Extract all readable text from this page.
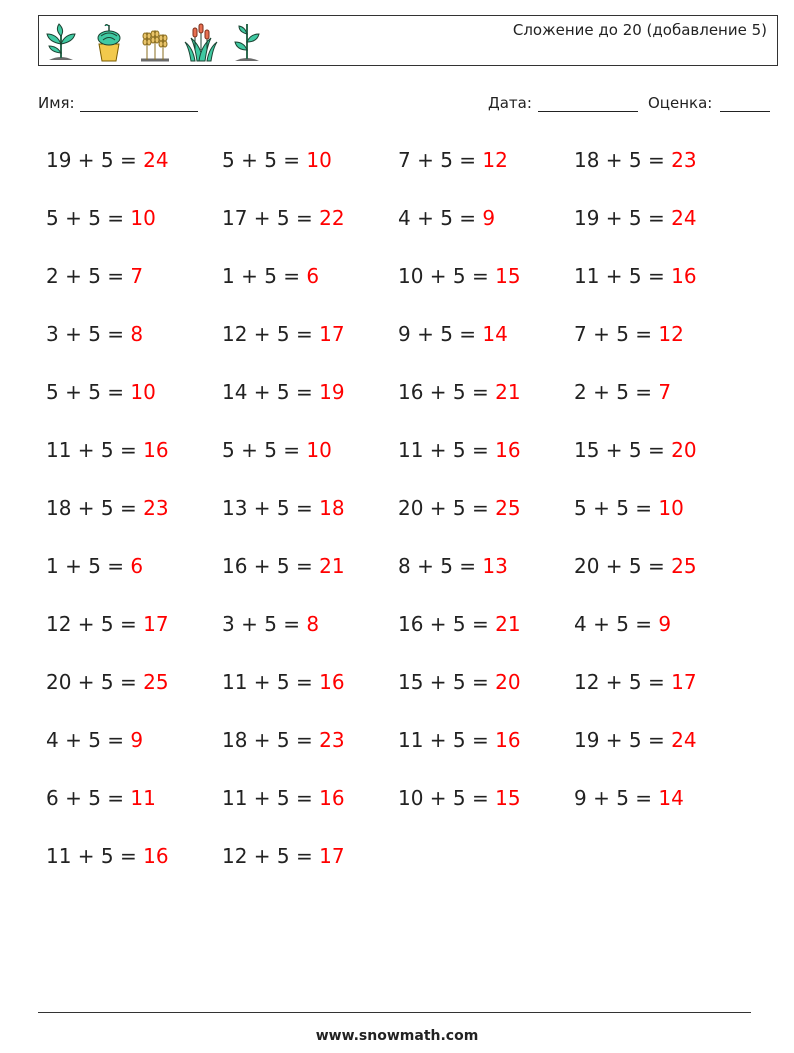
Сложение до 20 (добавление 5)
Имя:	Дата:	Оценка:
19 + 5 = 24	5 + 5 = 10	7 + 5 = 12	18 + 5 = 23
5 + 5 = 10	17 + 5 = 22	4 + 5 = 9	19 + 5 = 24
2 + 5 = 7	1 + 5 = 6	10 + 5 = 15	11 + 5 = 16
3 + 5 = 8	12 + 5 = 17	9 + 5 = 14	7 + 5 = 12
5 + 5 = 10	14 + 5 = 19	16 + 5 = 21	2 + 5 = 7
11 + 5 = 16	5 + 5 = 10	11 + 5 = 16	15 + 5 = 20
18 + 5 = 23	13 + 5 = 18	20 + 5 = 25	5 + 5 = 10
1 + 5 = 6	16 + 5 = 21	8 + 5 = 13	20 + 5 = 25
12 + 5 = 17	3 + 5 = 8	16 + 5 = 21	4 + 5 = 9
20 + 5 = 25	11 + 5 = 16	15 + 5 = 20	12 + 5 = 17
4 + 5 = 9	18 + 5 = 23	11 + 5 = 16	19 + 5 = 24
6 + 5 = 11	11 + 5 = 16	10 + 5 = 15	9 + 5 = 14
11 + 5 = 16	12 + 5 = 17
www.snowmath.com
